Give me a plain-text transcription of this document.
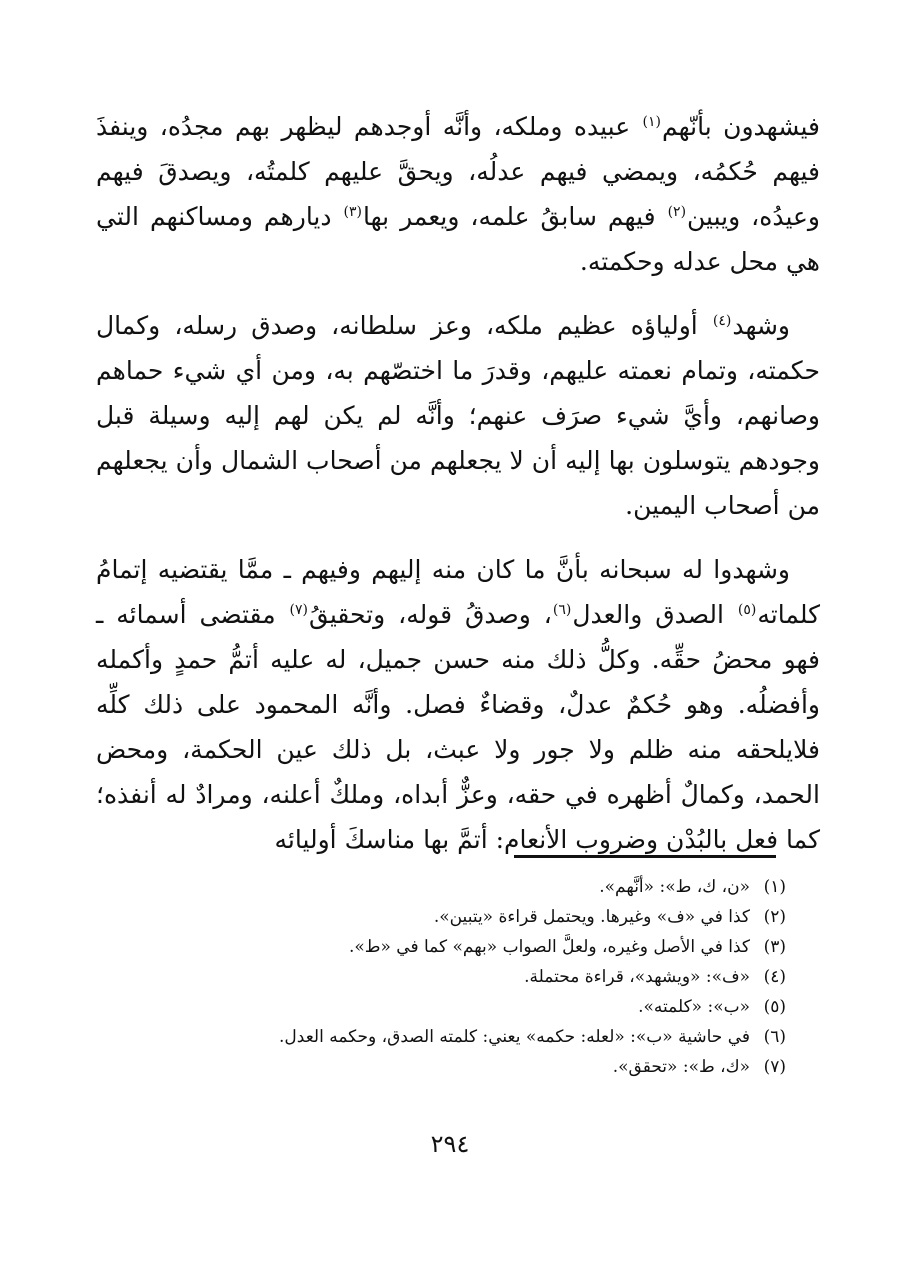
فيشهدون بأنّهم$^{(١)}$ عبيده وملكه، وأنَّه أوجدهم ليظهر بهم مجدُه، وينفذَ فيهم حُكمُه، ويمضي فيهم عدلُه، ويحقَّ عليهم كلمتُه، ويصدقَ فيهم وعيدُه، ويبين$^{(٢)}$ فيهم سابقُ علمه، ويعمر بها$^{(٣)}$ ديارهم ومساكنهم التي هي محل عدله وحكمته.

وشهد$^{(٤)}$ أولياؤه عظيم ملكه، وعز سلطانه، وصدق رسله، وكمال حكمته، وتمام نعمته عليهم، وقدرَ ما اختصّهم به، ومن أي شيء حماهم وصانهم، وأيَّ شيء صرَف عنهم؛ وأنَّه لم يكن لهم إليه وسيلة قبل وجودهم يتوسلون بها إليه أن لا يجعلهم من أصحاب الشمال وأن يجعلهم من أصحاب اليمين.

وشهدوا له سبحانه بأنَّ ما كان منه إليهم وفيهم ـ ممَّا يقتضيه إتمامُ كلماته$^{(٥)}$ الصدق والعدل$^{(٦)}$، وصدقُ قوله، وتحقيقُ$^{(٧)}$ مقتضى أسمائه ـ فهو محضُ حقِّه. وكلُّ ذلك منه حسن جميل، له عليه أتمُّ حمدٍ وأكمله وأفضلُه. وهو حُكمٌ عدلٌ، وقضاءٌ فصل. وأنَّه المحمود على ذلك كلِّه فلايلحقه منه ظلم ولا جور ولا عبث، بل ذلك عين الحكمة، ومحض الحمد، وكمالٌ أظهره في حقه، وعزٌّ أبداه، وملكٌ أعلنه، ومرادٌ له أنفذه؛ كما فعل بالبُدْن وضروب الأنعام: أتمَّ بها مناسكَ أوليائه

(١)
«ن، ك، ط»: «أنَّهم».
(٢)
كذا في «ف» وغيرها. ويحتمل قراءة «يتبين».
(٣)
كذا في الأصل وغيره، ولعلَّ الصواب «بهم» كما في «ط».
(٤)
«ف»: «ويشهد»، قراءة محتملة.
(٥)
«ب»: «كلمته».
(٦)
في حاشية «ب»: «لعله: حكمه» يعني: كلمته الصدق، وحكمه العدل.
(٧)
«ك، ط»: «تحقق».
٢٩٤
